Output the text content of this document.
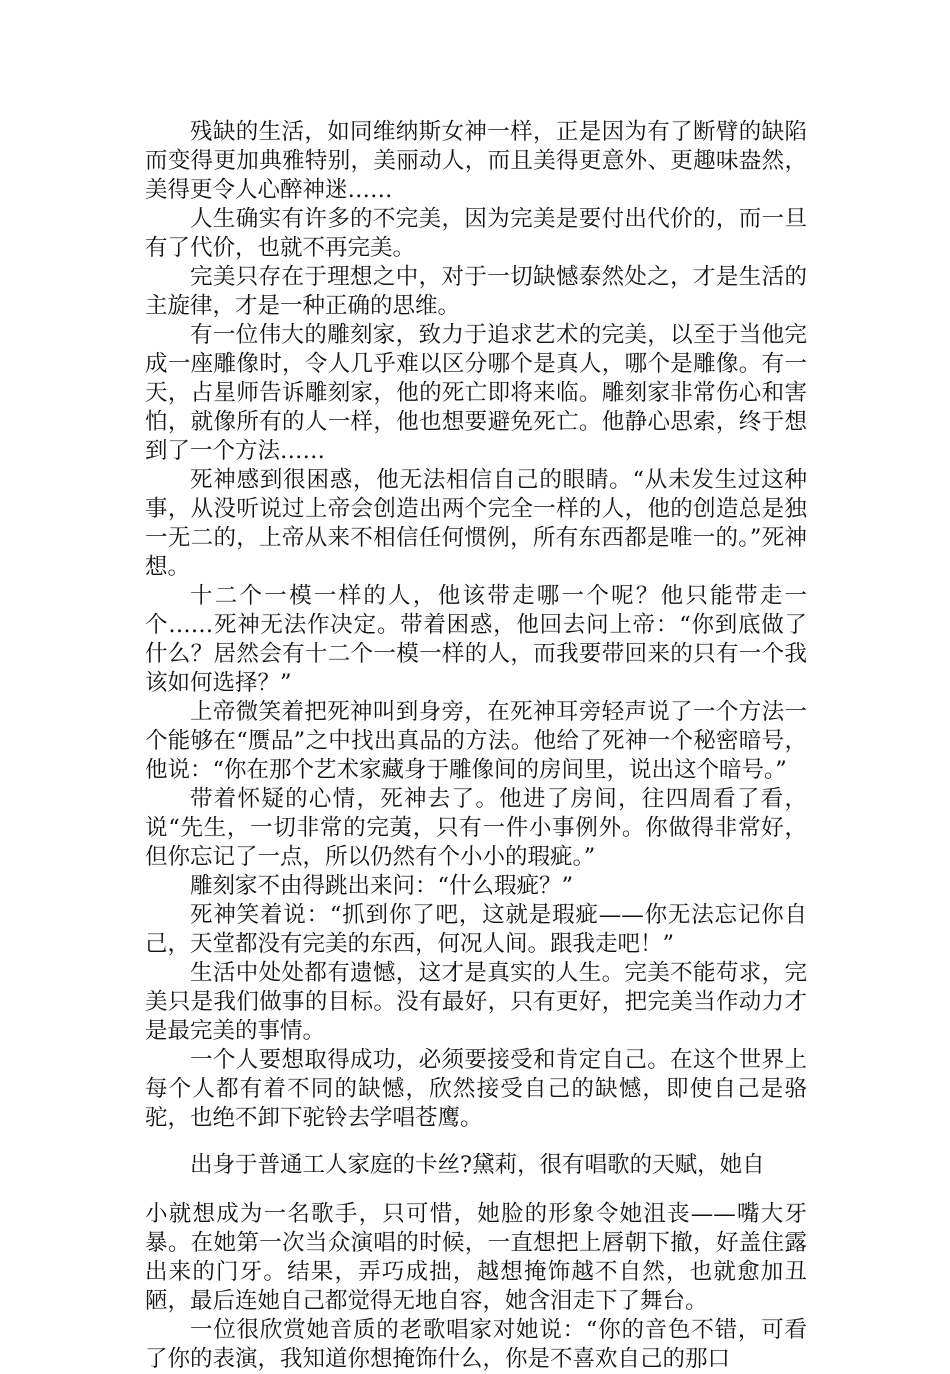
残缺的生活，如同维纳斯女神一样，正是因为有了断臂的缺陷而变得更加典雅特别，美丽动人，而且美得更意外、更趣味盎然，美得更令人心醉神迷……

人生确实有许多的不完美，因为完美是要付出代价的，而一旦有了代价，也就不再完美。

完美只存在于理想之中，对于一切缺憾泰然处之，才是生活的主旋律，才是一种正确的思维。

有一位伟大的雕刻家，致力于追求艺术的完美，以至于当他完成一座雕像时，令人几乎难以区分哪个是真人，哪个是雕像。有一天，占星师告诉雕刻家，他的死亡即将来临。雕刻家非常伤心和害怕，就像所有的人一样，他也想要避免死亡。他静心思索，终于想到了一个方法……

死神感到很困惑，他无法相信自己的眼睛。“从未发生过这种事，从没听说过上帝会创造出两个完全一样的人，他的创造总是独一无二的，上帝从来不相信任何惯例，所有东西都是唯一的。”死神想。

十二个一模一样的人，他该带走哪一个呢？他只能带走一个……死神无法作决定。带着困惑，他回去问上帝：“你到底做了什么？居然会有十二个一模一样的人，而我要带回来的只有一个我该如何选择？”

上帝微笑着把死神叫到身旁，在死神耳旁轻声说了一个方法一个能够在“赝品”之中找出真品的方法。他给了死神一个秘密暗号，他说：“你在那个艺术家藏身于雕像间的房间里，说出这个暗号。”

带着怀疑的心情，死神去了。他进了房间，往四周看了看，说“先生，一切非常的完荑，只有一件小事例外。你做得非常好，但你忘记了一点，所以仍然有个小小的瑕疵。”

雕刻家不由得跳出来问：“什么瑕疵？”

死神笑着说：“抓到你了吧，这就是瑕疵——你无法忘记你自己，天堂都没有完美的东西，何况人间。跟我走吧！”

生活中处处都有遗憾，这才是真实的人生。完美不能苟求，完美只是我们做事的目标。没有最好，只有更好，把完美当作动力才是最完美的事情。

一个人要想取得成功，必须要接受和肯定自己。在这个世界上每个人都有着不同的缺憾，欣然接受自己的缺憾，即使自己是骆驼，也绝不卸下驼铃去学唱苍鹰。

出身于普通工人家庭的卡丝?黛莉，很有唱歌的天赋，她自

小就想成为一名歌手，只可惜，她脸的形象令她沮丧——嘴大牙暴。在她第一次当众演唱的时候，一直想把上唇朝下撤，好盖住露出来的门牙。结果，弄巧成拙，越想掩饰越不自然，也就愈加丑陋，最后连她自己都觉得无地自容，她含泪走下了舞台。

一位很欣赏她音质的老歌唱家对她说：“你的音色不错，可看了你的表演，我知道你想掩饰什么，你是不喜欢自己的那口
